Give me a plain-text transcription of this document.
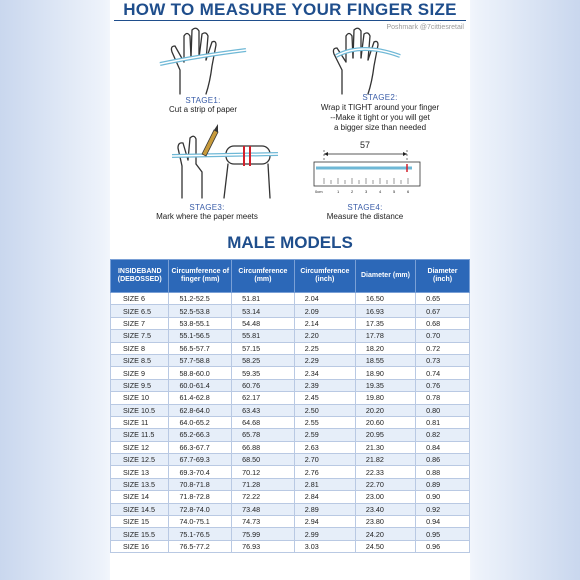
HOW TO MEASURE YOUR FINGER SIZE
Poshmark @7cittiesretail
STAGE1:
Cut a strip of paper
STAGE2:
Wrap it TIGHT around your finger
--Make it tight or you will get
a bigger size than needed
57
0cm	1	2	3	4	5	6
STAGE3:
Mark where the paper meets
STAGE4:
Measure the distance
MALE MODELS
INSIDEBAND (DEBOSSED)	Circumference of finger (mm)	Circumference (mm)	Circumference (inch)	Diameter (mm)	Diameter (inch)
SIZE 6	51.2-52.5	51.81	2.04	16.50	0.65
SIZE 6.5	52.5-53.8	53.14	2.09	16.93	0.67
SIZE 7	53.8-55.1	54.48	2.14	17.35	0.68
SIZE 7.5	55.1-56.5	55.81	2.20	17.78	0.70
SIZE 8	56.5-57.7	57.15	2.25	18.20	0.72
SIZE 8.5	57.7-58.8	58.25	2.29	18.55	0.73
SIZE 9	58.8-60.0	59.35	2.34	18.90	0.74
SIZE 9.5	60.0-61.4	60.76	2.39	19.35	0.76
SIZE 10	61.4-62.8	62.17	2.45	19.80	0.78
SIZE 10.5	62.8-64.0	63.43	2.50	20.20	0.80
SIZE 11	64.0-65.2	64.68	2.55	20.60	0.81
SIZE 11.5	65.2-66.3	65.78	2.59	20.95	0.82
SIZE 12	66.3-67.7	66.88	2.63	21.30	0.84
SIZE 12.5	67.7-69.3	68.50	2.70	21.82	0.86
SIZE 13	69.3-70.4	70.12	2.76	22.33	0.88
SIZE 13.5	70.8-71.8	71.28	2.81	22.70	0.89
SIZE 14	71.8-72.8	72.22	2.84	23.00	0.90
SIZE 14.5	72.8-74.0	73.48	2.89	23.40	0.92
SIZE 15	74.0-75.1	74.73	2.94	23.80	0.94
SIZE 15.5	75.1-76.5	75.99	2.99	24.20	0.95
SIZE 16	76.5-77.2	76.93	3.03	24.50	0.96
